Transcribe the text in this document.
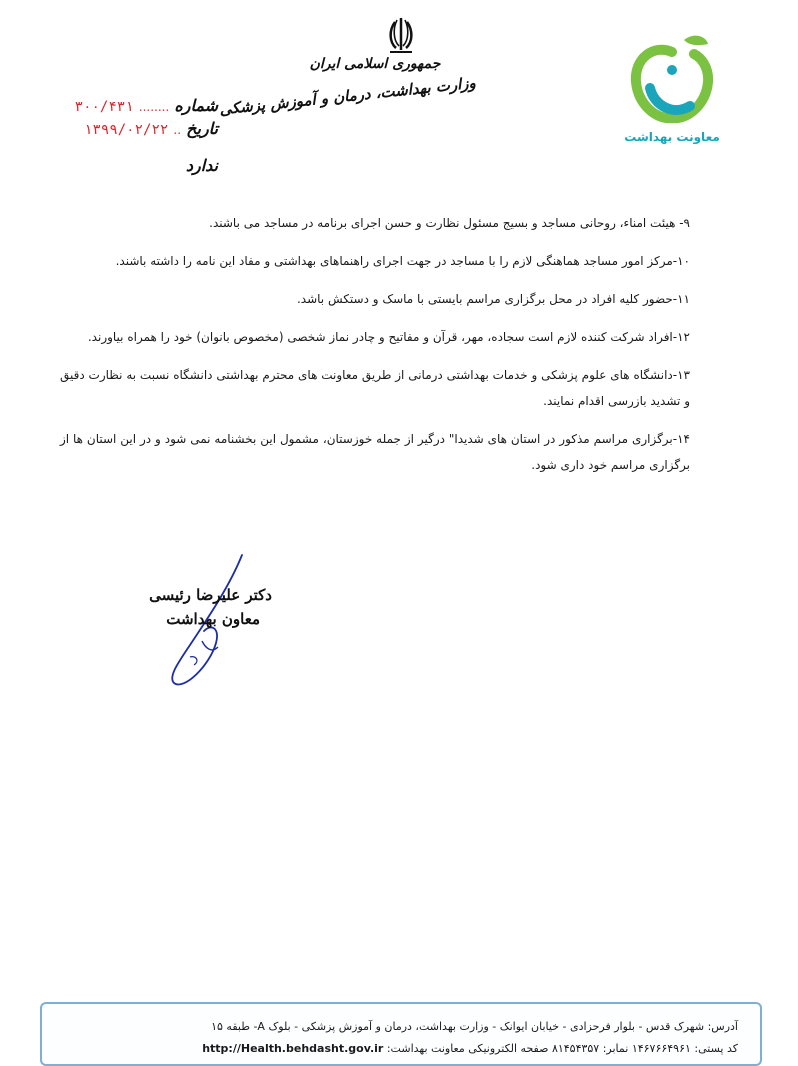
معاونت بهداشت
جمهوری اسلامی ایران
وزارت بهداشت، درمان و آموزش پزشکی
شماره ........ ۳۰۰/۴۳۱
تاریخ .. ۱۳۹۹/۰۲/۲۲
ندارد

۹- هیئت امناء، روحانی مساجد و بسیج مسئول نظارت و حسن اجرای برنامه در مساجد می باشند.

۱۰-مرکز امور مساجد هماهنگی لازم را با مساجد در جهت اجرای راهنماهای بهداشتی و مفاد این نامه را داشته باشند.

۱۱-حضور کلیه افراد در محل برگزاری مراسم بایستی با ماسک و دستکش باشد.

۱۲-افراد شرکت کننده لازم است سجاده، مهر، قرآن و مفاتیح و چادر نماز شخصی (مخصوص بانوان) خود را همراه بیاورند.

۱۳-دانشگاه های علوم پزشکی و خدمات بهداشتی درمانی از طریق معاونت های محترم بهداشتی دانشگاه نسبت به نظارت دقیق و تشدید بازرسی اقدام نمایند.

۱۴-برگزاری مراسم مذکور در استان های شدیدا" درگیر از جمله خوزستان، مشمول این بخشنامه نمی شود و در این استان ها از برگزاری مراسم خود داری شود.

دکتر علیرضا رئیسی
معاون بهداشت
آدرس: شهرک قدس - بلوار فرحزادی - خیابان ایوانک - وزارت بهداشت، درمان و آموزش پزشکی - بلوک A- طبقه ۱۵
کد پستی: ۱۴۶۷۶۶۴۹۶۱ نمابر: ۸۱۴۵۴۳۵۷ صفحه الکترونیکی معاونت بهداشت: http://Health.behdasht.gov.ir
